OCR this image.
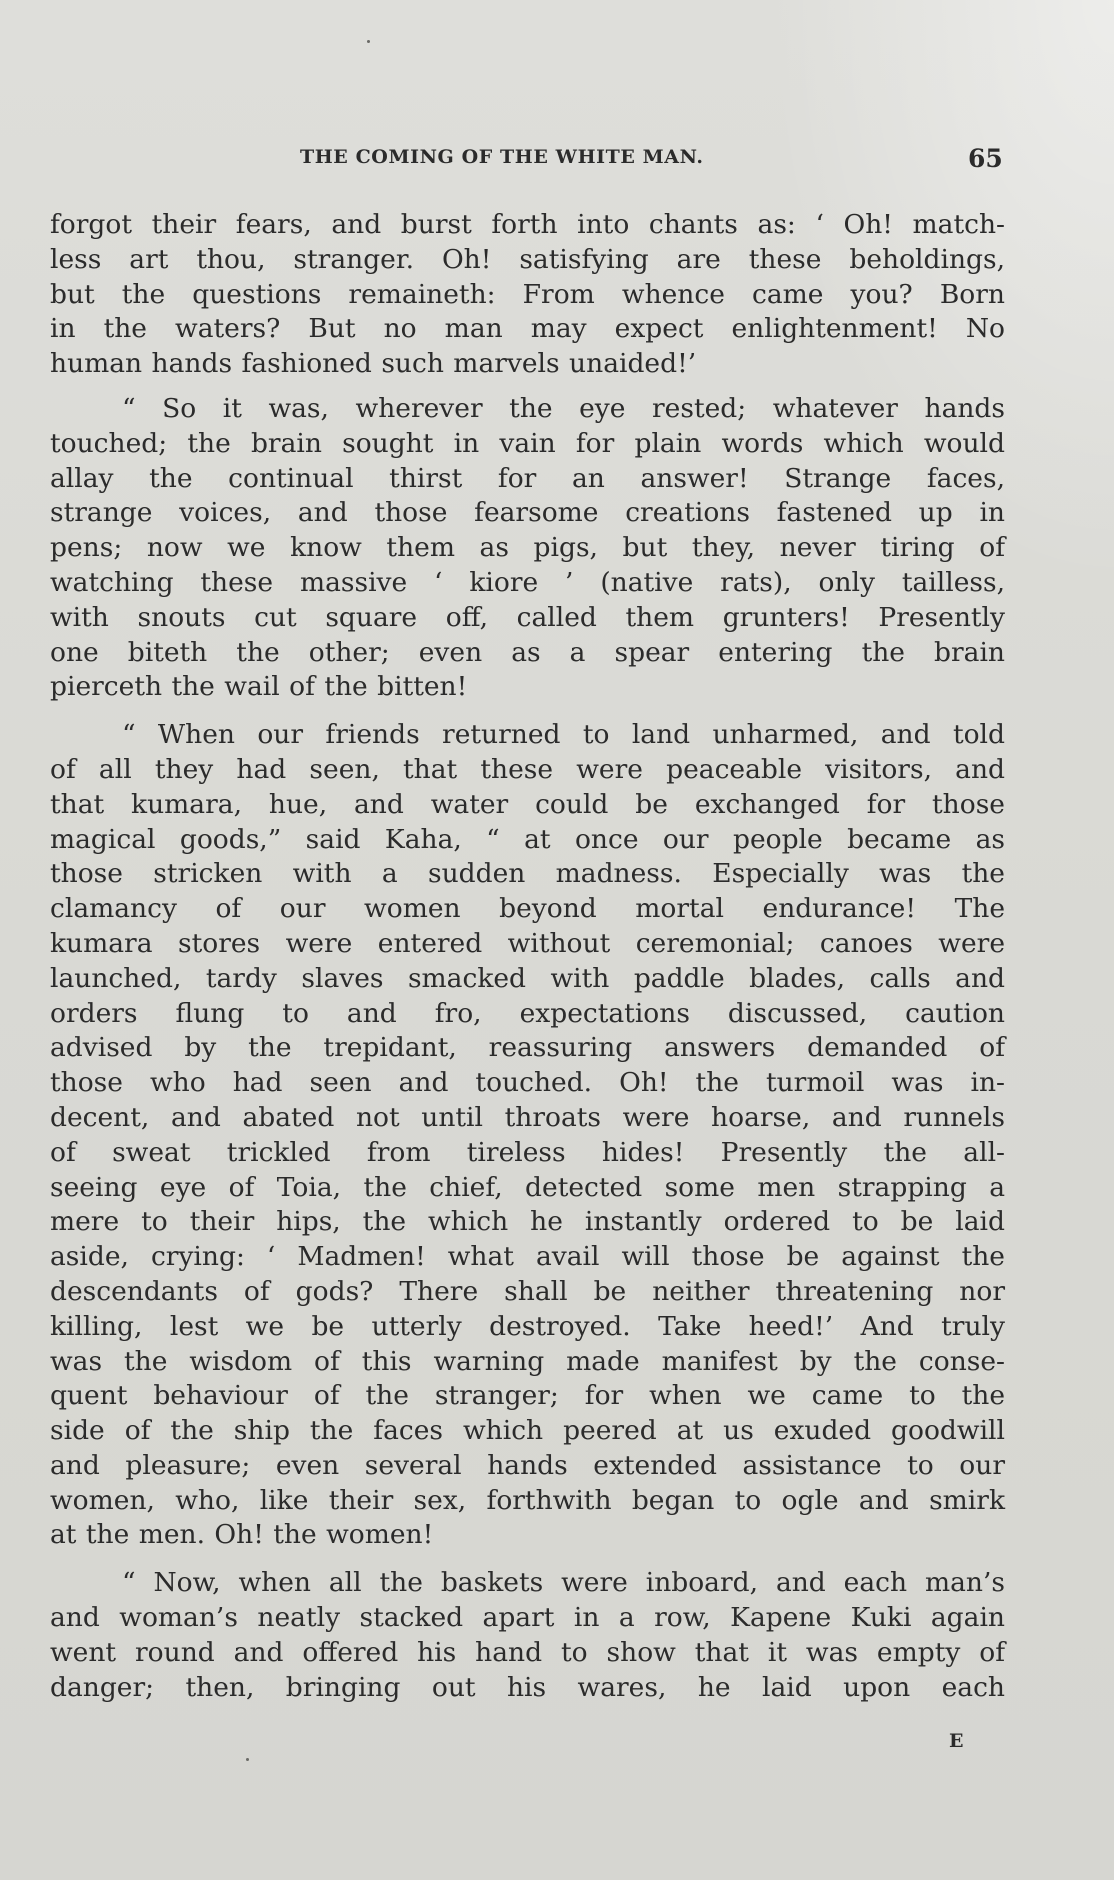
THE COMING OF THE WHITE MAN.	65

forgot their fears, and burst forth into chants as: ‘ Oh! match-
less art thou, stranger. Oh! satisfying are these beholdings,
but the questions remaineth: From whence came you? Born
in the waters? But no man may expect enlightenment! No
human hands fashioned such marvels unaided!’

“ So it was, wherever the eye rested; whatever hands
touched; the brain sought in vain for plain words which would
allay the continual thirst for an answer! Strange faces,
strange voices, and those fearsome creations fastened up in
pens; now we know them as pigs, but they, never tiring of
watching these massive ‘ kiore ’ (native rats), only tailless,
with snouts cut square off, called them grunters! Presently
one biteth the other; even as a spear entering the brain
pierceth the wail of the bitten!

“ When our friends returned to land unharmed, and told
of all they had seen, that these were peaceable visitors, and
that kumara, hue, and water could be exchanged for those
magical goods,” said Kaha, “ at once our people became as
those stricken with a sudden madness. Especially was the
clamancy of our women beyond mortal endurance! The
kumara stores were entered without ceremonial; canoes were
launched, tardy slaves smacked with paddle blades, calls and
orders flung to and fro, expectations discussed, caution
advised by the trepidant, reassuring answers demanded of
those who had seen and touched. Oh! the turmoil was in-
decent, and abated not until throats were hoarse, and runnels
of sweat trickled from tireless hides! Presently the all-
seeing eye of Toia, the chief, detected some men strapping a
mere to their hips, the which he instantly ordered to be laid
aside, crying: ‘ Madmen! what avail will those be against the
descendants of gods? There shall be neither threatening nor
killing, lest we be utterly destroyed. Take heed!’ And truly
was the wisdom of this warning made manifest by the conse-
quent behaviour of the stranger; for when we came to the
side of the ship the faces which peered at us exuded goodwill
and pleasure; even several hands extended assistance to our
women, who, like their sex, forthwith began to ogle and smirk
at the men. Oh! the women!

“ Now, when all the baskets were inboard, and each man’s
and woman’s neatly stacked apart in a row, Kapene Kuki again
went round and offered his hand to show that it was empty of
danger; then, bringing out his wares, he laid upon each

E
